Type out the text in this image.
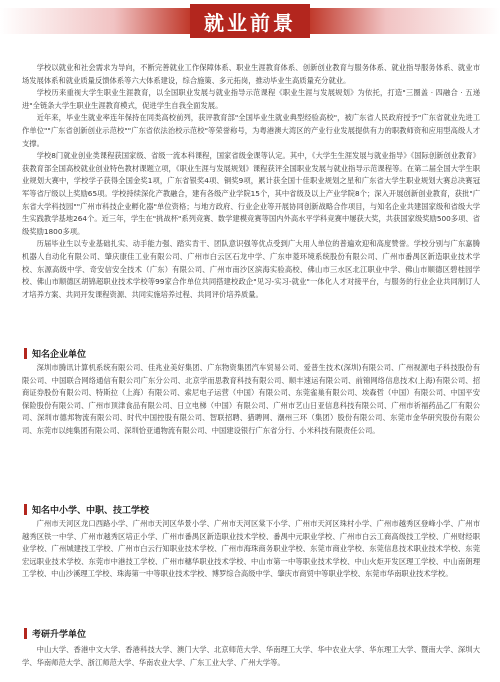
就业前景

学校以就业和社会需求为导向，不断完善就业工作保障体系、职业生涯教育体系、创新创业教育与服务体系、就业指导服务体系、就业市场发展体系和就业质量反馈体系等六大体系建设，综合施策、多元拓岗，推动毕业生高质量充分就业。

学校历来重视大学生职业生涯教育，以全国职业发展与就业指导示范课程《职业生涯与发展规划》为依托，打造"三圈盖 · 四融合 · 五递进"全链条大学生职业生涯教育模式，促进学生自我全面发展。

近年来，毕业生就业率连年保持在同类高校前列，获评教育部"全国毕业生就业典型经验高校"，被广东省人民政府授予"广东省就业先进工作单位""广东省创新创业示范校""广东省依法治校示范校"等荣誉称号，为粤港澳大湾区的产业行业发展提供有力的职教师资和应用型高级人才支撑。

学校8门就业创业类课程获国家级、省级一流本科课程，国家省级金课等认定。其中，《大学生生涯发展与就业指导》《国际创新创业教育》获教育部全国高校就业创业特色教材课题立项，《职业生涯与发展规划》课程获评全国职业发展与就业指导示范课程等。在第二届全国大学生职业规划大赛中，学校学子获得全国金奖1项，广东省银奖4项、铜奖9项，累计获全国十佳职业规划之星和广东省大学生职业规划大赛总决赛冠军等省厅级以上奖励65项。学校持续深化产教融合，建有各级产业学院15个，其中省级及以上产业学院8个；深入开展创新创业教育，获批"广东省大学科技园""广州市科技企业孵化器"单位资格；与地方政府、行业企业等开展协同创新战略合作项目，与知名企业共建国家级和省级大学生实践教学基地264个。近三年，学生在"挑战杯"系列竞赛、数学建模竞赛等国内外高水平学科竞赛中屡获大奖，共获国家级奖励500多项、省级奖励1800多项。

历届毕业生以专业基础扎实、动手能力强、踏实肯干、团队意识强等优点受到广大用人单位的普遍欢迎和高度赞誉。学校分别与广东嘉腾机器人自动化有限公司、肇庆康佳工业有限公司、广州市白云区石龙中学、广东申菱环境系统股份有限公司、广州市番禺区新造职业技术学校、东源高级中学、奇安信安全技术（广东）有限公司、广州市南沙区滨海实验高校、佛山市三水区北江职业中学、佛山市顺德区碧桂园学校、佛山市顺德区胡锦超职业技术学校等99家合作单位共同搭建校政企"见习-实习-就业"一体化人才对接平台，与服务的行业企业共同制订人才培养方案、共同开发课程资源、共同实施培养过程、共同评价培养质量。

知名企业单位

深圳市腾讯计算机系统有限公司、佳兆业美好集团、广东物资集团汽车贸易公司、爱普生技术(深圳)有限公司、广州视源电子科技股份有限公司、中国联合网络通信有限公司广东分公司、北京学而思教育科技有限公司、顺丰速运有限公司、前锦网络信息技术(上海)有限公司、招商证券股份有限公司、特斯拉（上海）有限公司、索尼电子运营（中国）有限公司、东莞雀巢有限公司、埃森哲（中国）有限公司、中国平安保险股份有限公司、广州市顶津食品有限公司、日立电梯（中国）有限公司、广州市艺山日亚信息科技有限公司、广州市祈福药品乙厂有限公司、深圳市德邦物流有限公司、时代中国控股有限公司、智联招聘、猎聘网、潮州三环（集团）股份有限公司、东莞市金华研究股份有限公司、东莞市以纯集团有限公司、深圳恰亚通物流有限公司、中国建设银行广东省分行、小米科技有限责任公司。

知名中小学、中职、技工学校

广州市天河区龙口西路小学、广州市天河区华景小学、广州市天河区棠下小学、广州市天河区珠村小学、广州市越秀区登峰小学、广州市越秀区铁一中学、广州市越秀区培正小学、广州市番禺区新造职业技术学校、番禺中元职业学校、广州市白云工商高级技工学校、广州财经职业学校、广州城建技工学校、广州市白云行知职业技术学校、广州市海珠商务职业学校、东莞市商业学校、东莞信息技术职业技术学校、东莞宏远职业技术学校、东莞市中港技工学校、广州市穗华职业技术学校、中山市第一中等职业技术学校、中山火炬开发区理工学校、中山南朗理工学校、中山沙溪理工学校、珠海第一中等职业技术学校、博罗综合高级中学、肇庆市商贸中等职业学校、东莞市华南职业技术学校。

考研升学单位

中山大学、香港中文大学、香港科技大学、澳门大学、北京师范大学、华南理工大学、华中农业大学、华东理工大学、暨南大学、深圳大学、华南师范大学、浙江师范大学、华南农业大学、广东工业大学、广州大学等。
